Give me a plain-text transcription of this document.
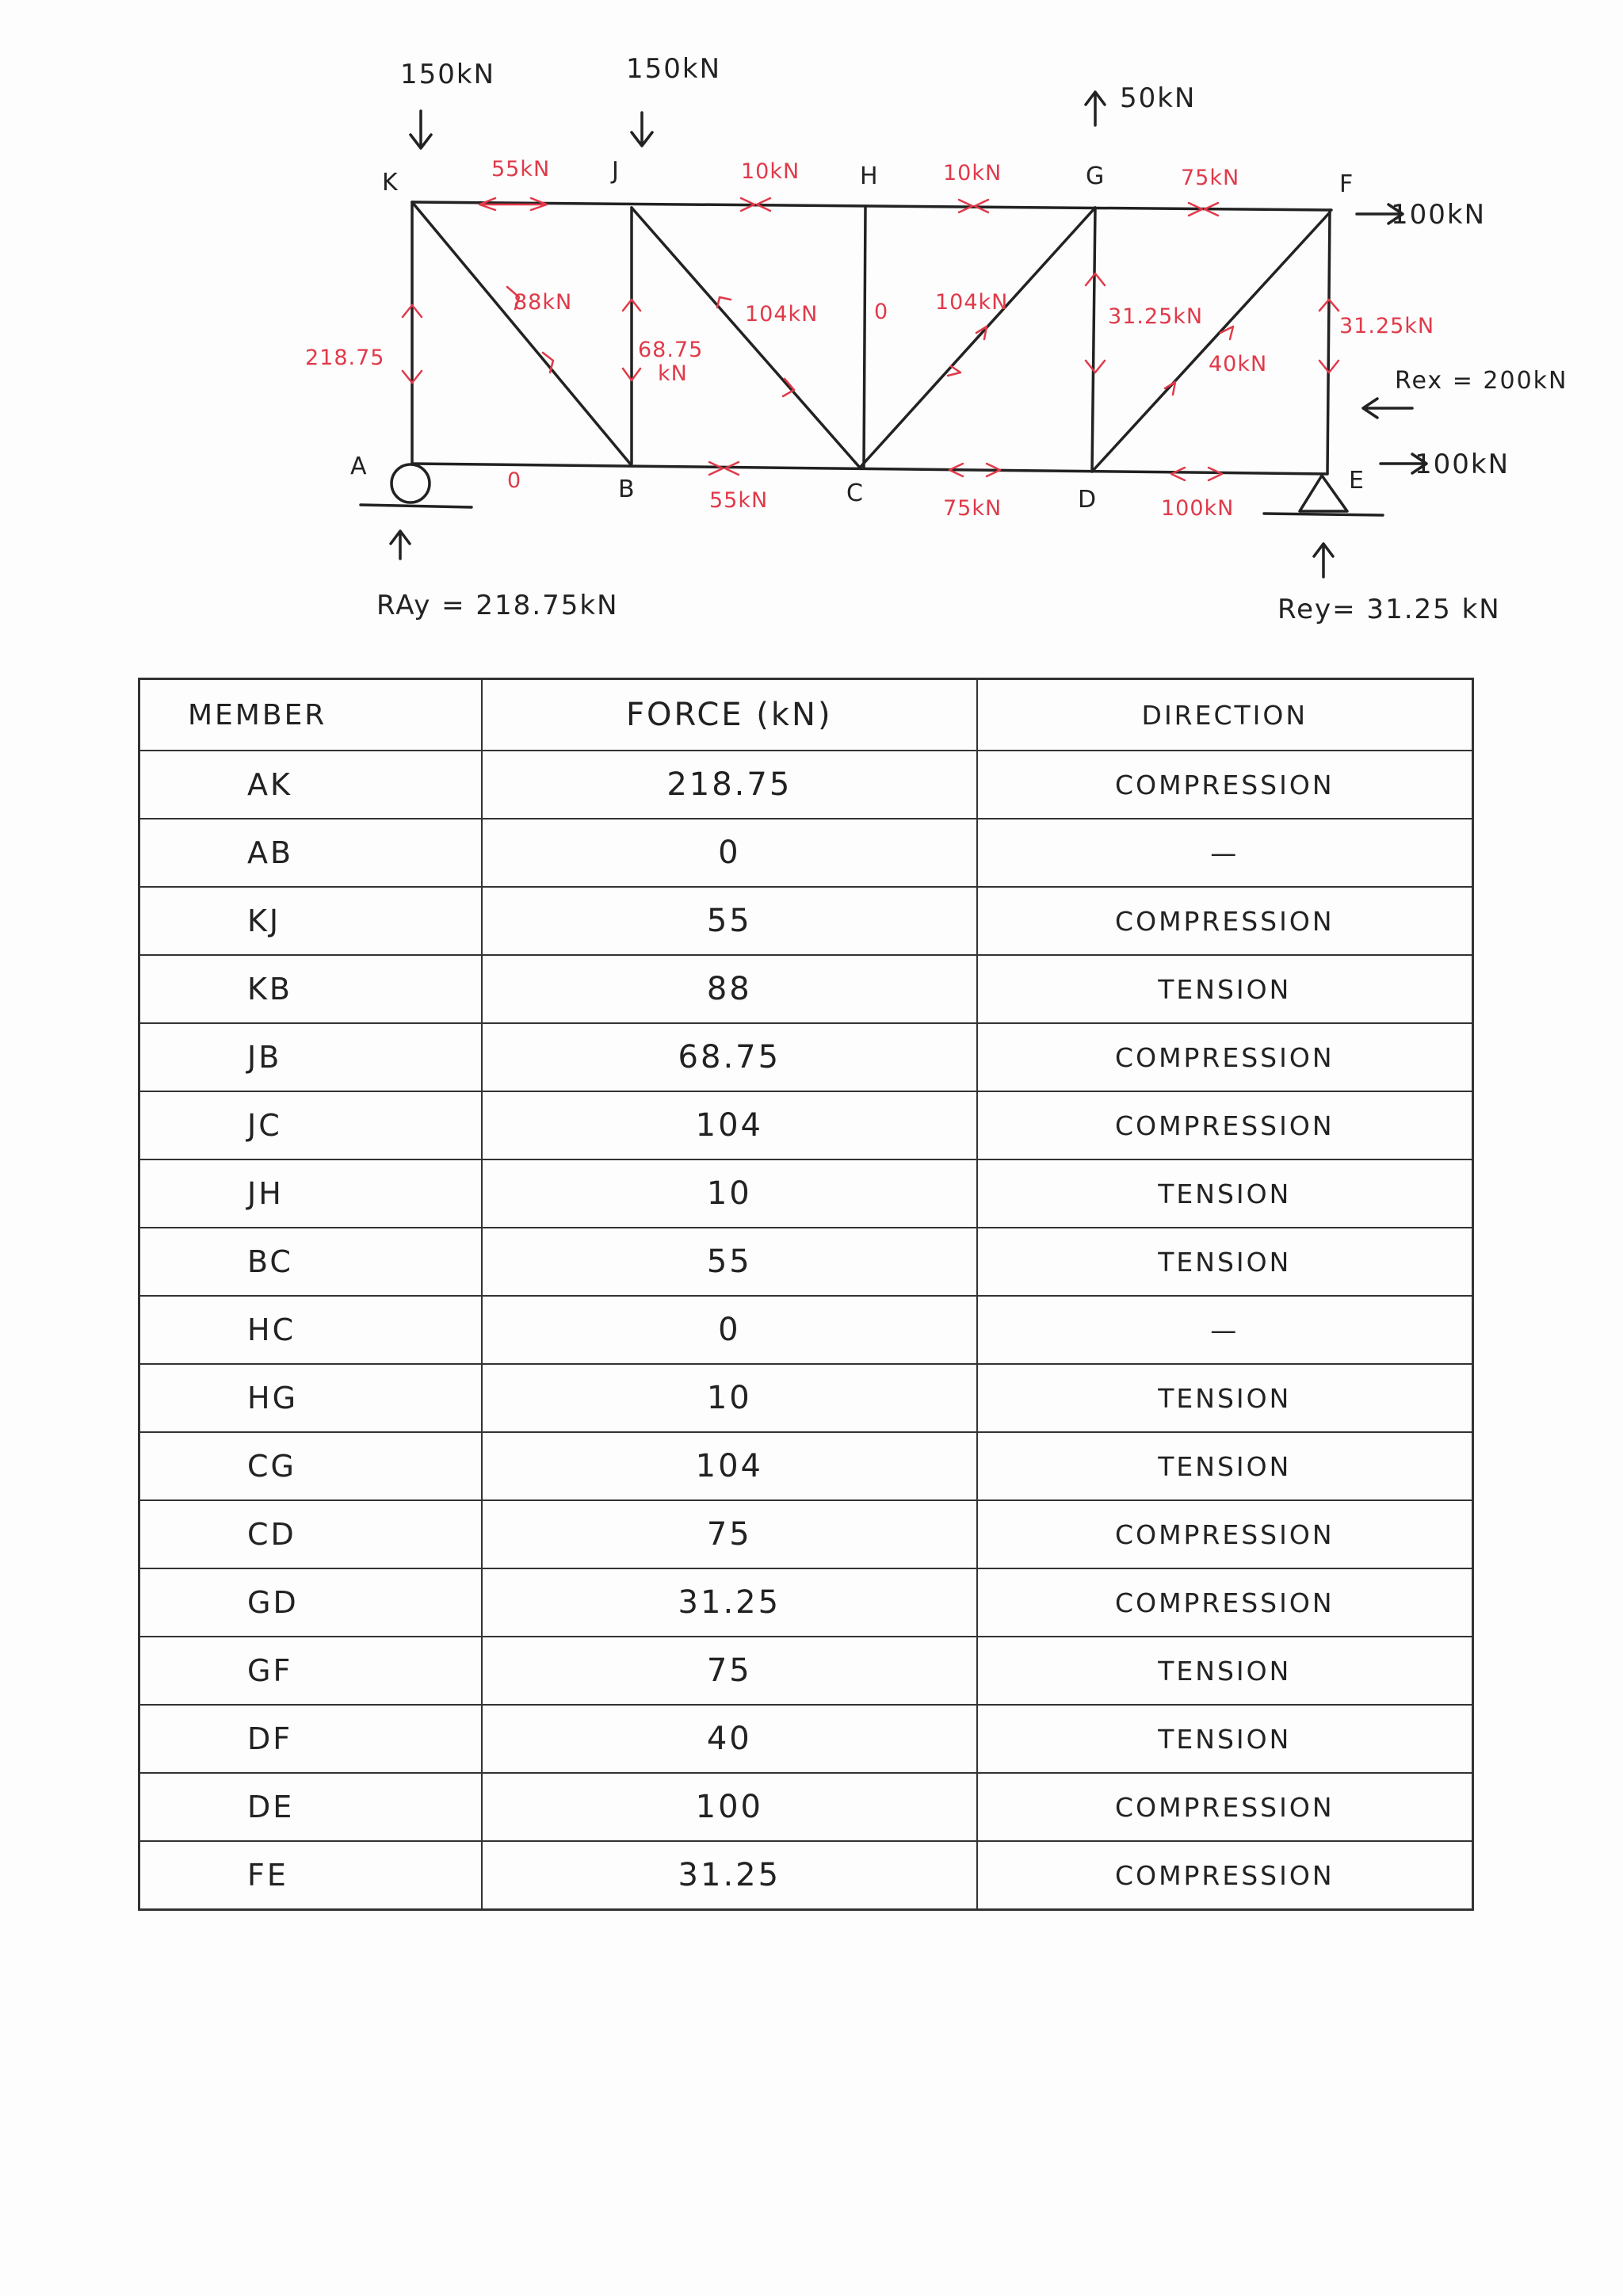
K	J	H	G	F
A
B	C	D
E
150kN	150kN
50kN
100kN
100kN
RAy = 218.75kN	Rey= 31.25 kN
Rex = 200kN
55kN	10kN	10kN	75kN
218.75
88kN
68.75
kN
104kN	0 104kN
31.25kN
40kN
31.25kN
0
55kN	75kN	100kN
MEMBER	FORCE (kN)	DIRECTION
AK	218.75	COMPRESSION
AB	0	—
KJ	55	COMPRESSION
KB	88	TENSION
JB	68.75	COMPRESSION
JC	104	COMPRESSION
JH	10	TENSION
BC	55	TENSION
HC	0	—
HG	10	TENSION
CG	104	TENSION
CD	75	COMPRESSION
GD	31.25	COMPRESSION
GF	75	TENSION
DF	40	TENSION
DE	100	COMPRESSION
FE	31.25	COMPRESSION
